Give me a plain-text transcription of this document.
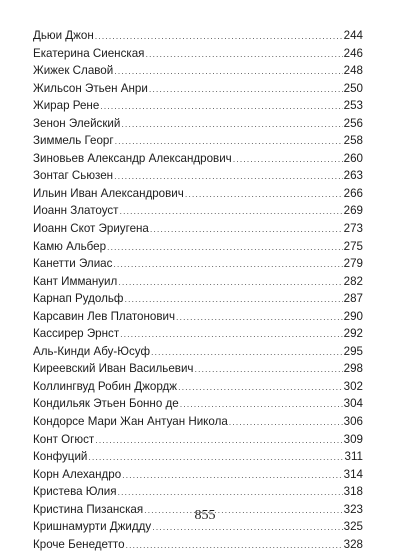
Дьюи Джон .....	244
Екатерина Сиенская .....	246
Жижек Славой .....	248
Жильсон Этьен Анри .....	250
Жирар Рене .....	253
Зенон Элейский .....	256
Зиммель Георг .....	258
Зиновьев Александр Александрович .....	260
Зонтаг Сьюзен .....	263
Ильин Иван Александрович .....	266
Иоанн Златоуст .....	269
Иоанн Скот Эриугена .....	273
Камю Альбер .....	275
Канетти Элиас .....	279
Кант Иммануил .....	282
Карнап Рудольф .....	287
Карсавин Лев Платонович .....	290
Кассирер Эрнст .....	292
Аль-Кинди Абу-Юсуф .....	295
Киреевский Иван Васильевич .....	298
Коллингвуд Робин Джордж .....	302
Кондильяк Этьен Бонно де .....	304
Кондорсе Мари Жан Антуан Никола .....	306
Конт Огюст .....	309
Конфуций .....	311
Корн Алехандро .....	314
Кристева Юлия .....	318
Кристина Пизанская .....	323
Кришнамурти Джидду .....	325
Кроче Бенедетто .....	328
855
